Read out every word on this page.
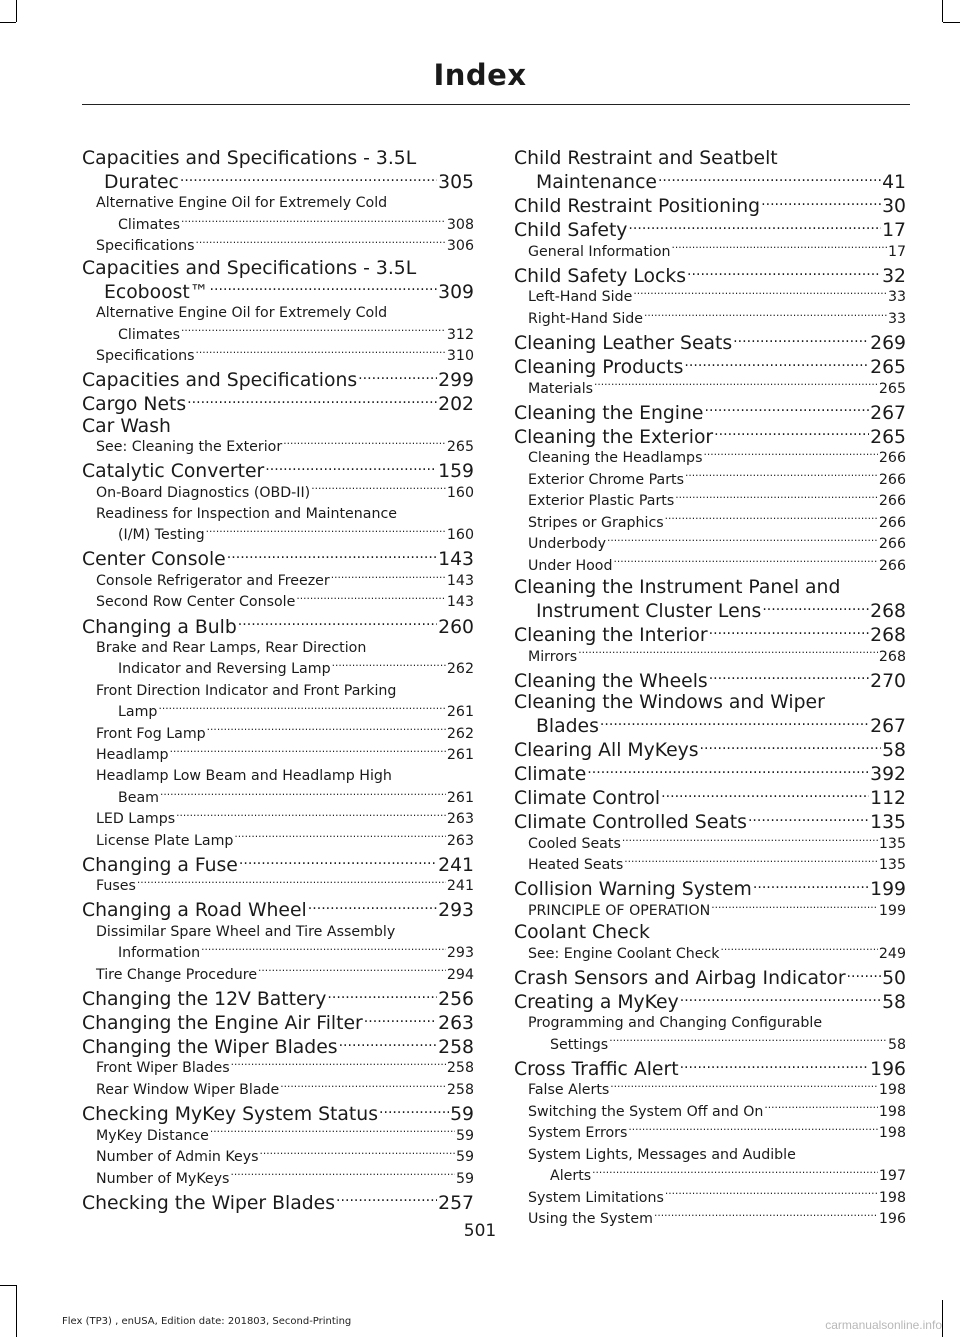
Index
Capacities and Specifications - 3.5L
Duratec .....	305
Alternative Engine Oil for Extremely Cold
Climates .....	308
Specifications .....	306
Capacities and Specifications - 3.5L
Ecoboost™ .....	309
Alternative Engine Oil for Extremely Cold
Climates .....	312
Specifications .....	310
Capacities and Specifications .....	299
Cargo Nets .....	202
Car Wash
See: Cleaning the Exterior .....	265
Catalytic Converter .....	159
On-Board Diagnostics (OBD-II) .....	160
Readiness for Inspection and Maintenance
(I/M) Testing .....	160
Center Console .....	143
Console Refrigerator and Freezer .....	143
Second Row Center Console .....	143
Changing a Bulb .....	260
Brake and Rear Lamps, Rear Direction
Indicator and Reversing Lamp .....	262
Front Direction Indicator and Front Parking
Lamp .....	261
Front Fog Lamp .....	262
Headlamp .....	261
Headlamp Low Beam and Headlamp High
Beam .....	261
LED Lamps .....	263
License Plate Lamp .....	263
Changing a Fuse .....	241
Fuses .....	241
Changing a Road Wheel .....	293
Dissimilar Spare Wheel and Tire Assembly
Information .....	293
Tire Change Procedure .....	294
Changing the 12V Battery .....	256
Changing the Engine Air Filter .....	263
Changing the Wiper Blades .....	258
Front Wiper Blades .....	258
Rear Window Wiper Blade .....	258
Checking MyKey System Status .....	59
MyKey Distance .....	59
Number of Admin Keys .....	59
Number of MyKeys .....	59
Checking the Wiper Blades .....	257
Child Restraint and Seatbelt
Maintenance .....	41
Child Restraint Positioning .....	30
Child Safety .....	17
General Information .....	17
Child Safety Locks .....	32
Left-Hand Side .....	33
Right-Hand Side .....	33
Cleaning Leather Seats .....	269
Cleaning Products .....	265
Materials .....	265
Cleaning the Engine .....	267
Cleaning the Exterior .....	265
Cleaning the Headlamps .....	266
Exterior Chrome Parts .....	266
Exterior Plastic Parts .....	266
Stripes or Graphics .....	266
Underbody .....	266
Under Hood .....	266
Cleaning the Instrument Panel and
Instrument Cluster Lens .....	268
Cleaning the Interior .....	268
Mirrors .....	268
Cleaning the Wheels .....	270
Cleaning the Windows and Wiper
Blades .....	267
Clearing All MyKeys .....	58
Climate .....	392
Climate Control .....	112
Climate Controlled Seats .....	135
Cooled Seats .....	135
Heated Seats .....	135
Collision Warning System .....	199
PRINCIPLE OF OPERATION .....	199
Coolant Check
See: Engine Coolant Check .....	249
Crash Sensors and Airbag Indicator ..... 50
Creating a MyKey .....	58
Programming and Changing Configurable
Settings .....	58
Cross Traffic Alert .....	196
False Alerts .....	198
Switching the System Off and On .....	198
System Errors .....	198
System Lights, Messages and Audible
Alerts .....	197
System Limitations .....	198
Using the System .....	196
501
Flex (TP3) , enUSA, Edition date: 201803, Second-Printing	carmanualsonline.info
